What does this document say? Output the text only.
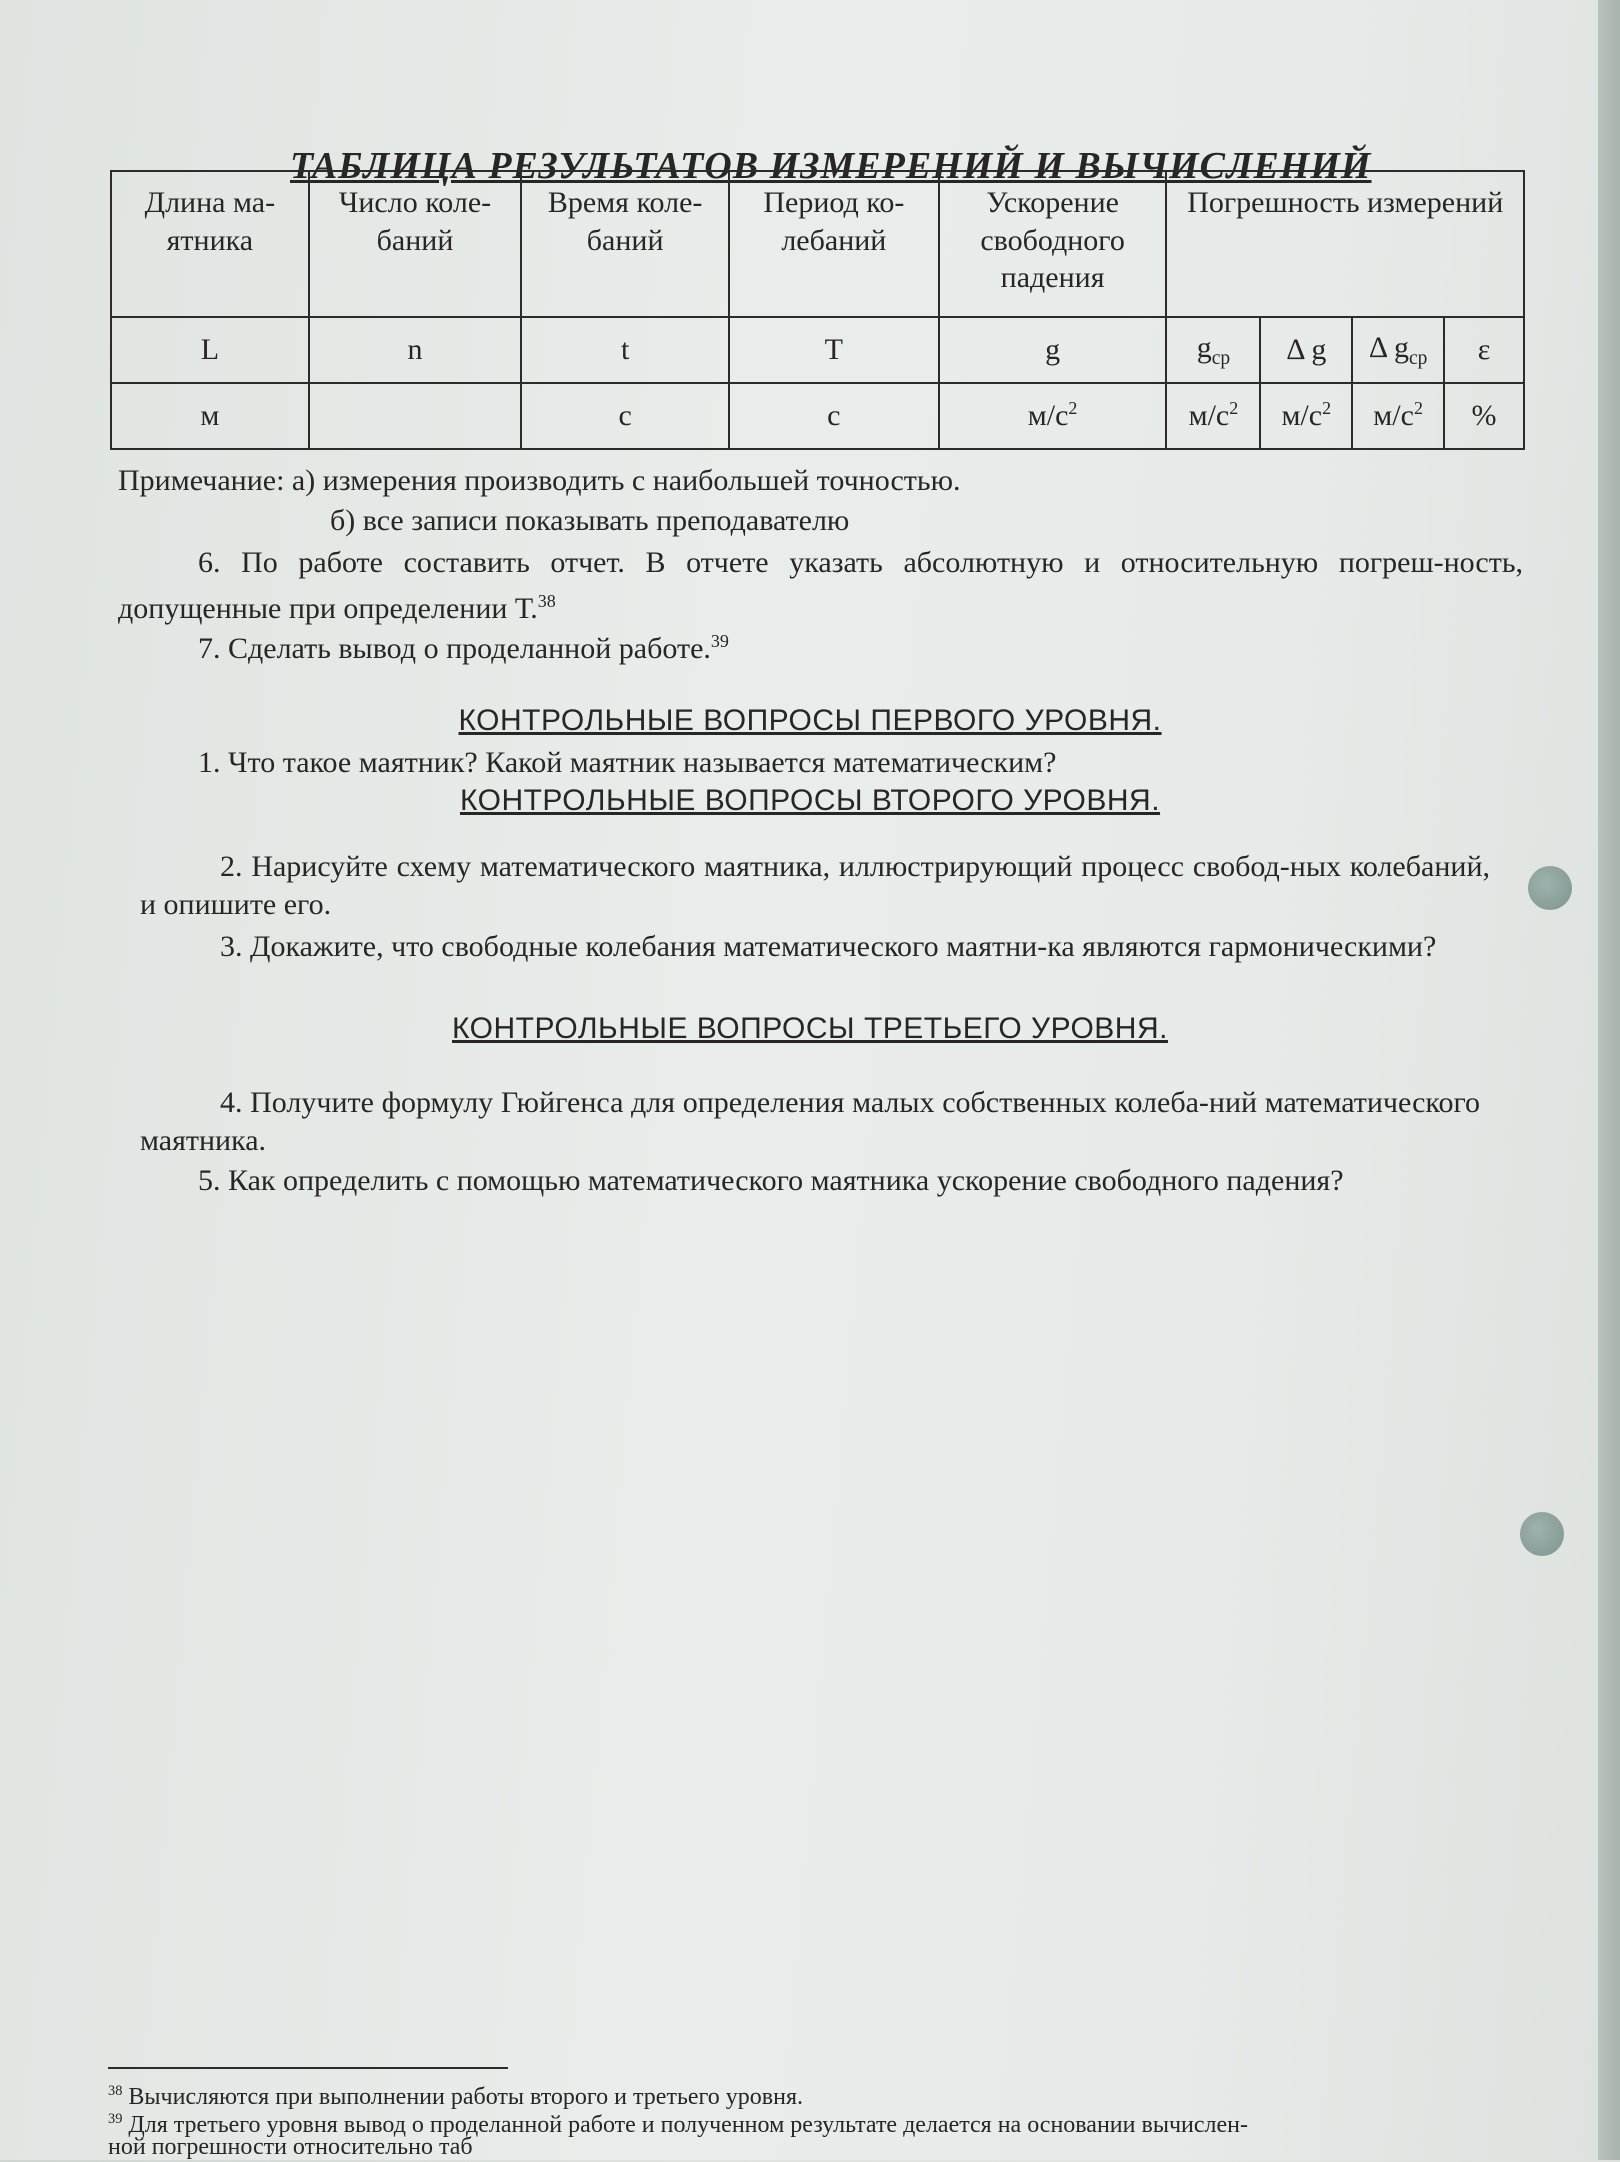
ТАБЛИЦА РЕЗУЛЬТАТОВ ИЗМЕРЕНИЙ И ВЫЧИСЛЕНИЙ
Длина ма-ятника	Число коле-баний	Время коле-баний	Период ко-лебаний	Ускорение свободного падения	Погрешность измерений			
L	n	t	T	g	$g_{ср}$	Δ g	Δ $g_{ср}$	ε
м		с	с	$м/с^2$	$м/с^2$	$м/с^2$	$м/с^2$	%
Примечание: а) измерения производить с наибольшей точностью.
б) все записи показывать преподавателю
6. По работе составить отчет. В отчете указать абсолютную и относительную погреш-ность, допущенные при определении Т.$^{38}$
7. Сделать вывод о проделанной работе.$^{39}$
КОНТРОЛЬНЫЕ ВОПРОСЫ ПЕРВОГО УРОВНЯ.
1. Что такое маятник? Какой маятник называется математическим?
КОНТРОЛЬНЫЕ ВОПРОСЫ ВТОРОГО УРОВНЯ.
2. Нарисуйте схему математического маятника, иллюстрирующий процесс свобод-ных колебаний, и опишите его.
3. Докажите, что свободные колебания математического маятни-ка являются гармоническими?
КОНТРОЛЬНЫЕ ВОПРОСЫ ТРЕТЬЕГО УРОВНЯ.
4. Получите формулу Гюйгенса для определения малых собственных колеба-ний математического маятника.
5. Как определить с помощью математического маятника ускорение свободного падения?
$^{38}$ Вычисляются при выполнении работы второго и третьего уровня.
$^{39}$ Для третьего уровня вывод о проделанной работе и полученном результате делается на основании вычислен-
ной погрешности относительно таб
